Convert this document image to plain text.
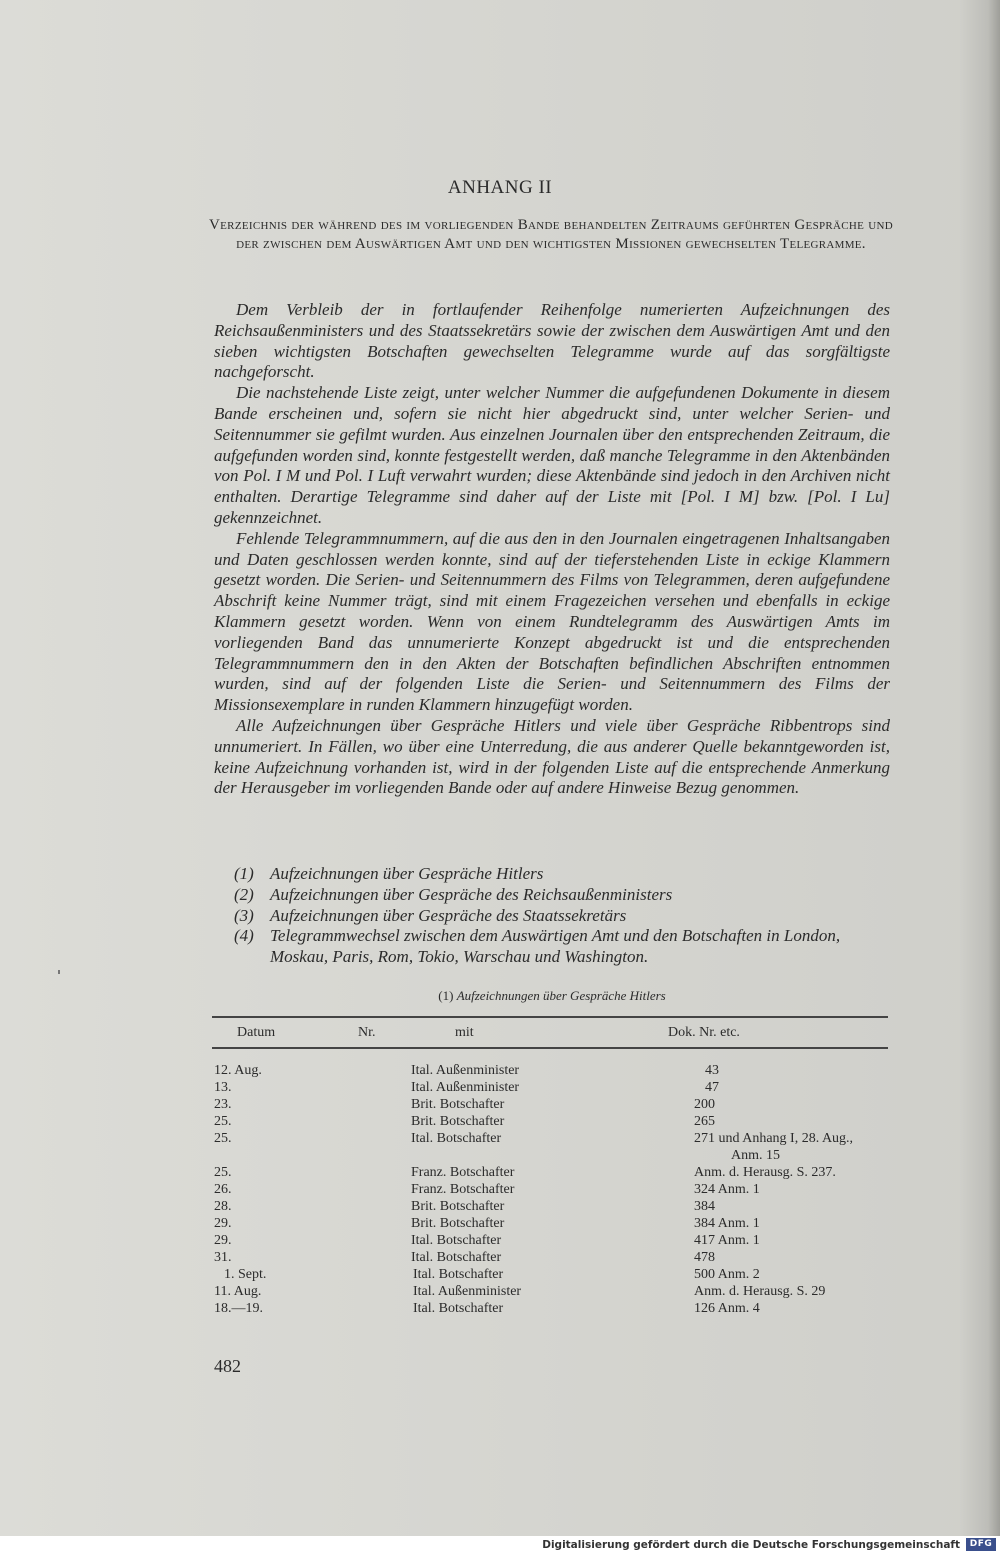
ANHANG II
Verzeichnis der während des im vorliegenden Bande behandelten Zeitraums geführten Gespräche und der zwischen dem Auswärtigen Amt und den wichtigsten Missionen gewechselten Telegramme.

Dem Verbleib der in fortlaufender Reihenfolge numerierten Aufzeichnungen des Reichsaußenministers und des Staatssekretärs sowie der zwischen dem Auswärtigen Amt und den sieben wichtigsten Botschaften gewechselten Telegramme wurde auf das sorgfältigste nachgeforscht.

Die nachstehende Liste zeigt, unter welcher Nummer die aufgefundenen Dokumente in diesem Bande erscheinen und, sofern sie nicht hier abgedruckt sind, unter welcher Serien- und Seitennummer sie gefilmt wurden. Aus einzelnen Journalen über den entsprechenden Zeitraum, die aufgefunden worden sind, konnte festgestellt werden, daß manche Telegramme in den Aktenbänden von Pol. I M und Pol. I Luft verwahrt wurden; diese Aktenbände sind jedoch in den Archiven nicht enthalten. Derartige Telegramme sind daher auf der Liste mit [Pol. I M] bzw. [Pol. I Lu] gekennzeichnet.

Fehlende Telegrammnummern, auf die aus den in den Journalen eingetragenen Inhaltsangaben und Daten geschlossen werden konnte, sind auf der tieferstehenden Liste in eckige Klammern gesetzt worden. Die Serien- und Seitennummern des Films von Telegrammen, deren aufgefundene Abschrift keine Nummer trägt, sind mit einem Fragezeichen versehen und ebenfalls in eckige Klammern gesetzt worden. Wenn von einem Rundtelegramm des Auswärtigen Amts im vorliegenden Band das unnumerierte Konzept abgedruckt ist und die entsprechenden Telegrammnummern den in den Akten der Botschaften befindlichen Abschriften entnommen wurden, sind auf der folgenden Liste die Serien- und Seitennummern des Films der Missionsexemplare in runden Klammern hinzugefügt worden.

Alle Aufzeichnungen über Gespräche Hitlers und viele über Gespräche Ribbentrops sind unnumeriert. In Fällen, wo über eine Unterredung, die aus anderer Quelle bekanntgeworden ist, keine Aufzeichnung vorhanden ist, wird in der folgenden Liste auf die entsprechende Anmerkung der Herausgeber im vorliegenden Bande oder auf andere Hinweise Bezug genommen.

(1) Aufzeichnungen über Gespräche Hitlers
(2) Aufzeichnungen über Gespräche des Reichsaußenministers
(3) Aufzeichnungen über Gespräche des Staatssekretärs
(4) Telegrammwechsel zwischen dem Auswärtigen Amt und den Botschaften in London, Moskau, Paris, Rom, Tokio, Warschau und Washington.
(1) Aufzeichnungen über Gespräche Hitlers
Datum	Nr.	mit	Dok. Nr. etc.
12. Aug.	Ital. Außenminister	43
13.	Ital. Außenminister	47
23.	Brit. Botschafter	200
25.	Brit. Botschafter	265
25.	Ital. Botschafter	271 und Anhang I, 28. Aug.,
Anm. 15
25.	Franz. Botschafter	Anm. d. Herausg. S. 237.
26.	Franz. Botschafter	324 Anm. 1
28.	Brit. Botschafter	384
29.	Brit. Botschafter	384 Anm. 1
29.	Ital. Botschafter	417 Anm. 1
31.	Ital. Botschafter	478
1. Sept.	Ital. Botschafter	500 Anm. 2
11. Aug.	Ital. Außenminister	Anm. d. Herausg. S. 29
18.—19.	Ital. Botschafter	126 Anm. 4
482
Digitalisierung gefördert durch die Deutsche Forschungsgemeinschaft	DFG
